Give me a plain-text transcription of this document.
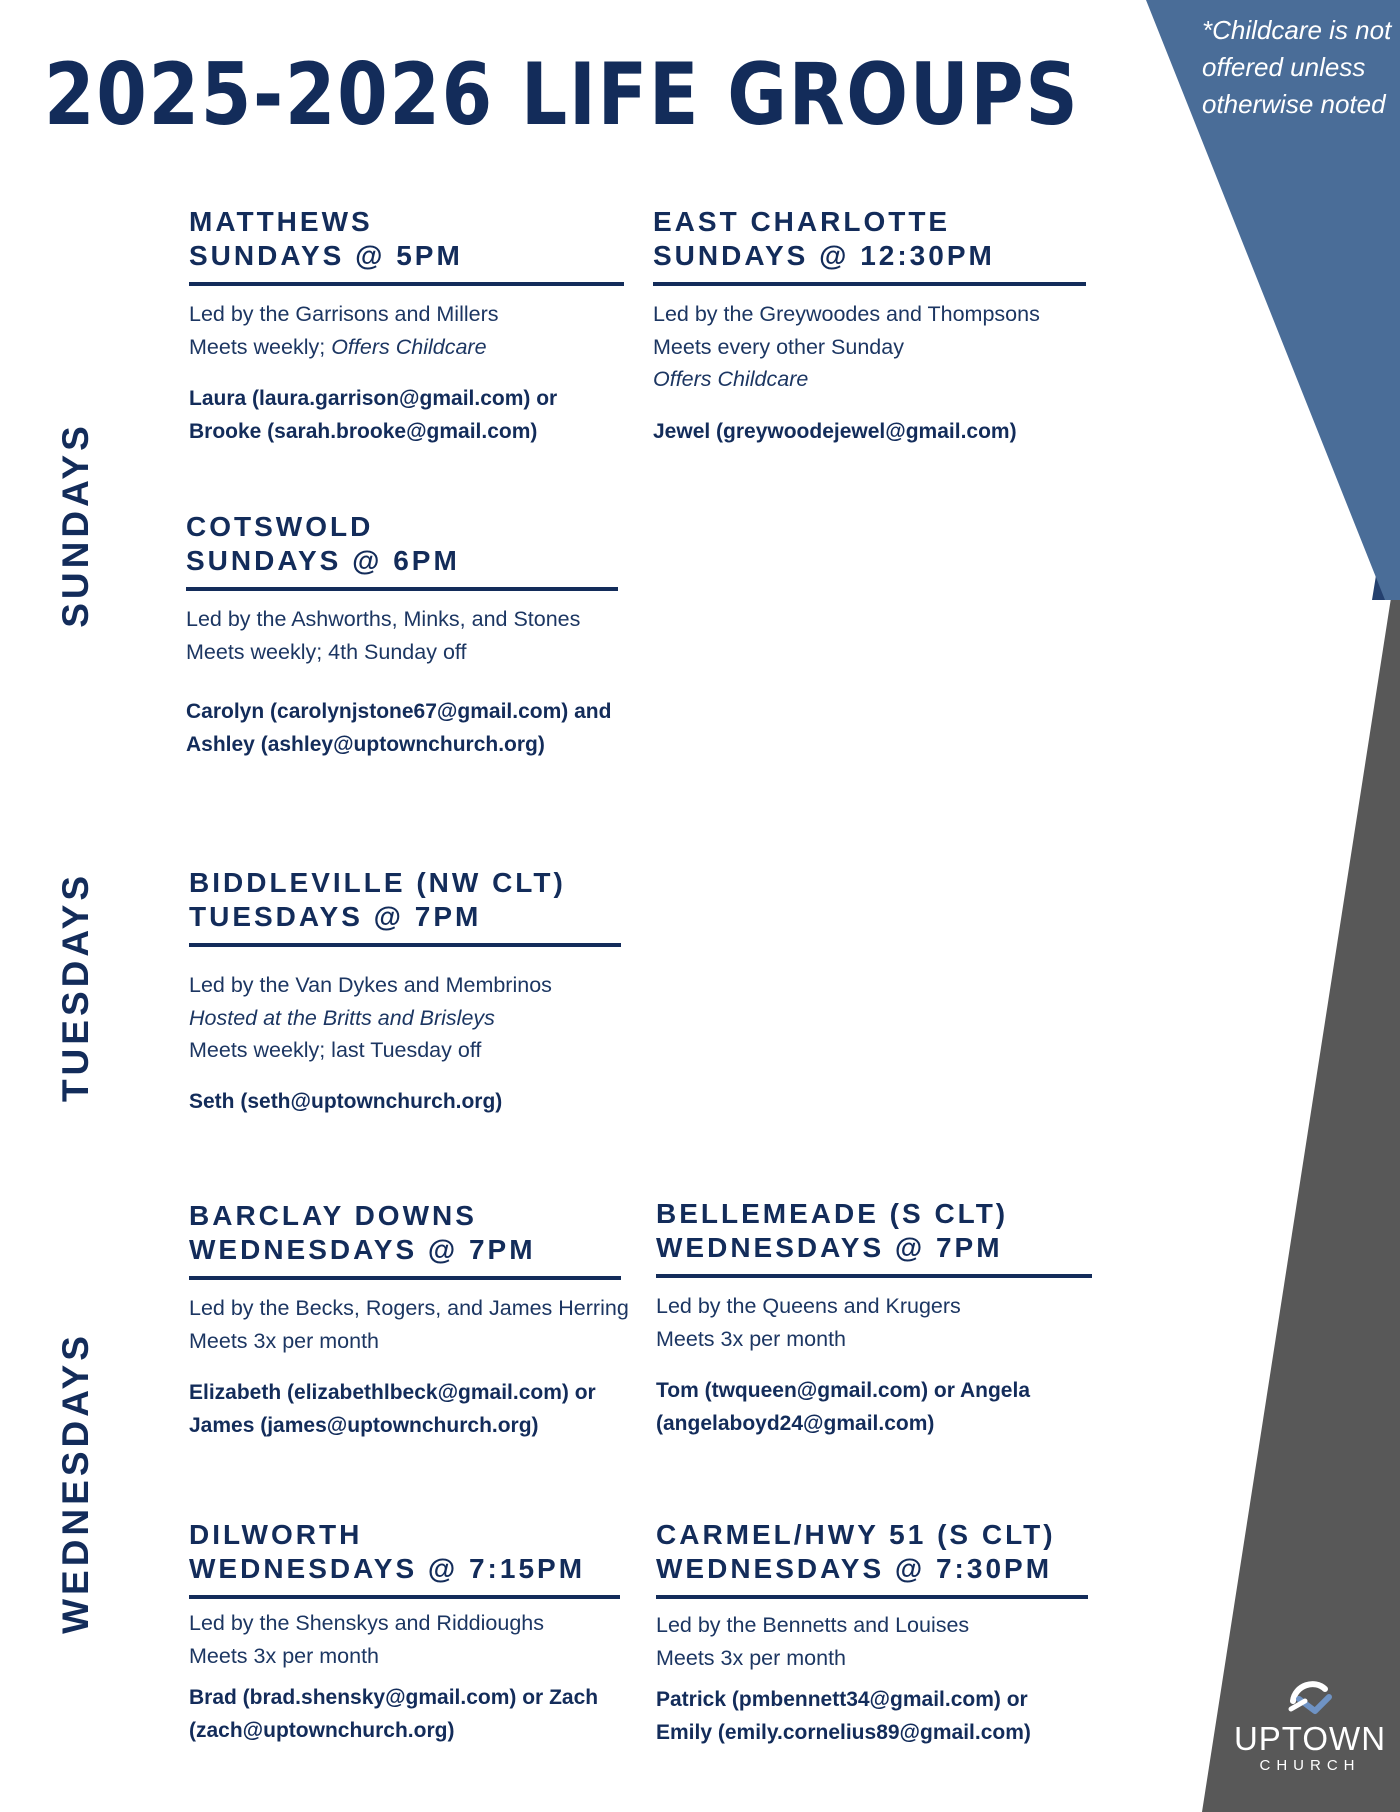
*Childcare is not
offered unless
otherwise noted
2025-2026 LIFE GROUPS
SUNDAYS
TUESDAYS
WEDNESDAYS
MATTHEWS
SUNDAYS @ 5PM
Led by the Garrisons and Millers
Meets weekly; Offers Childcare
Laura (laura.garrison@gmail.com) or
Brooke (sarah.brooke@gmail.com)
EAST CHARLOTTE
SUNDAYS @ 12:30PM
Led by the Greywoodes and Thompsons
Meets every other Sunday
Offers Childcare
Jewel (greywoodejewel@gmail.com)
COTSWOLD
SUNDAYS @ 6PM
Led by the Ashworths, Minks, and Stones
Meets weekly; 4th Sunday off
Carolyn (carolynjstone67@gmail.com) and
Ashley (ashley@uptownchurch.org)
BIDDLEVILLE (NW CLT)
TUESDAYS @ 7PM
Led by the Van Dykes and Membrinos
Hosted at the Britts and Brisleys
Meets weekly; last Tuesday off
Seth (seth@uptownchurch.org)
BARCLAY DOWNS
WEDNESDAYS @ 7PM
Led by the Becks, Rogers, and James Herring
Meets 3x per month
Elizabeth (elizabethlbeck@gmail.com) or
James (james@uptownchurch.org)
BELLEMEADE (S CLT)
WEDNESDAYS @ 7PM
Led by the Queens and Krugers
Meets 3x per month
Tom (twqueen@gmail.com) or Angela
(angelaboyd24@gmail.com)
DILWORTH
WEDNESDAYS @ 7:15PM
Led by the Shenskys and Riddioughs
Meets 3x per month
Brad (brad.shensky@gmail.com) or Zach
(zach@uptownchurch.org)
CARMEL/HWY 51 (S CLT)
WEDNESDAYS @ 7:30PM
Led by the Bennetts and Louises
Meets 3x per month
Patrick (pmbennett34@gmail.com) or
Emily (emily.cornelius89@gmail.com)	UPTOWN
CHURCH
